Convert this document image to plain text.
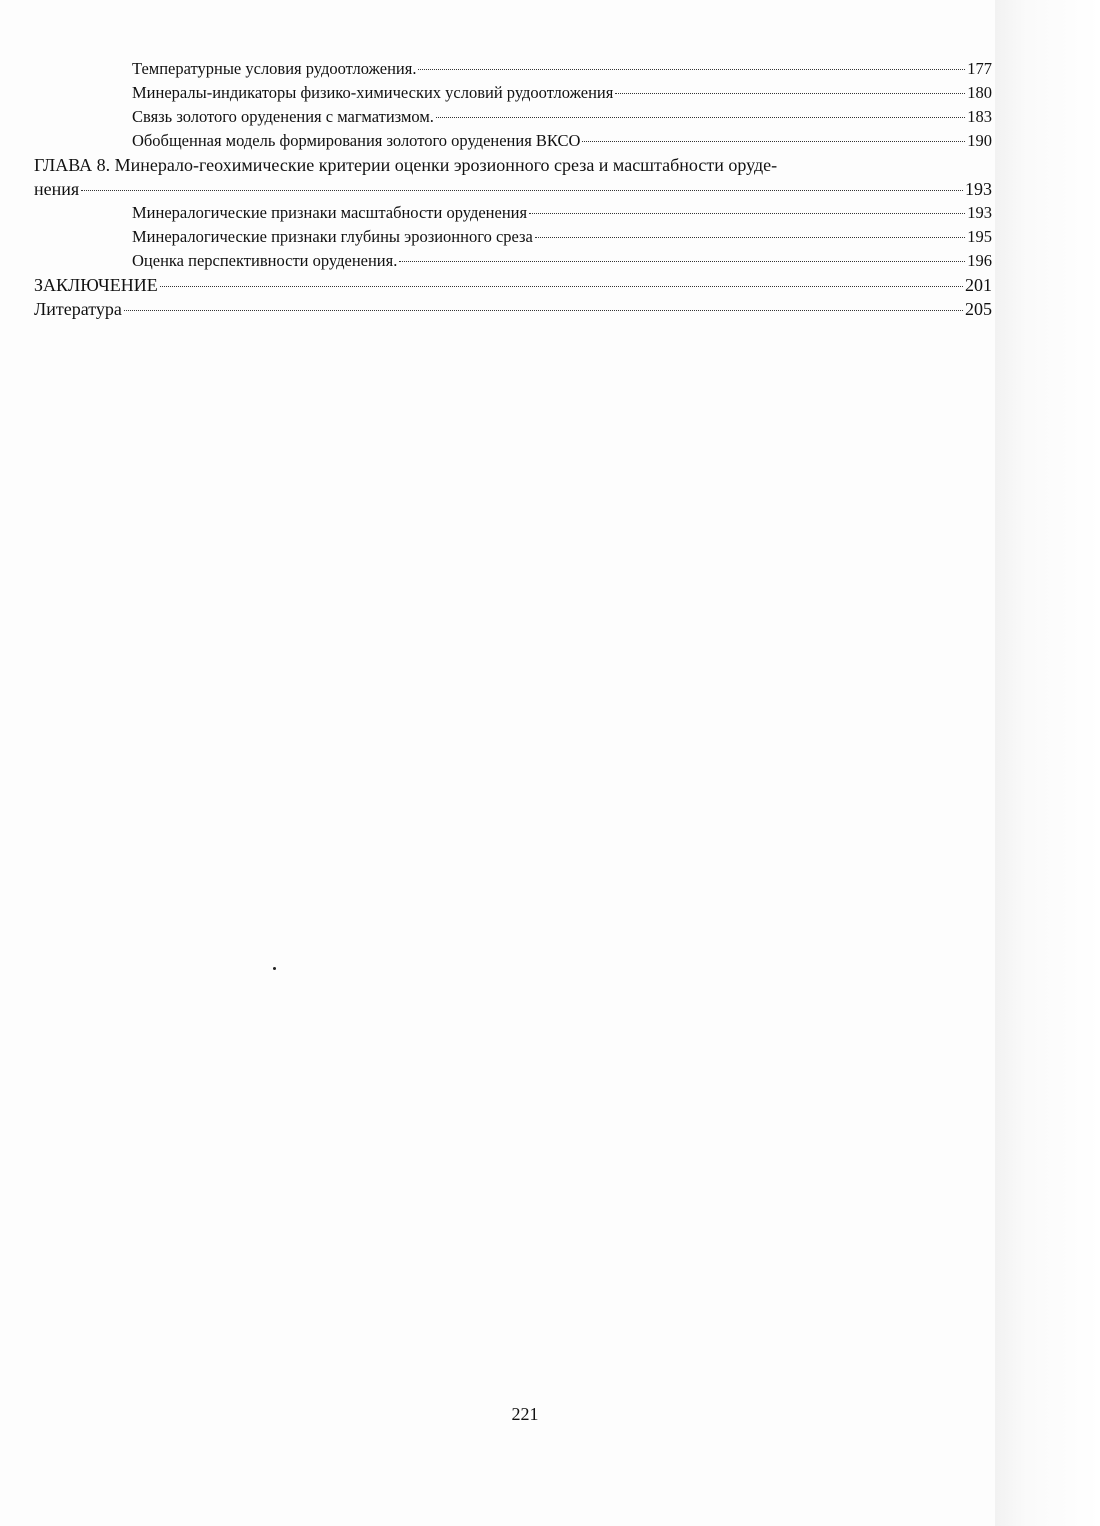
Температурные условия рудоотложения.	177
Минералы-индикаторы физико-химических условий рудоотложения	180
Связь золотого оруденения с магматизмом.	183
Обобщенная модель формирования золотого оруденения ВКСО	190
ГЛАВА 8. Минерало-геохимические критерии оценки эрозионного среза и масштабности оруде-
нения	193
Минералогические признаки масштабности оруденения	193
Минералогические признаки глубины эрозионного среза	195
Оценка перспективности оруденения.	196
ЗАКЛЮЧЕНИЕ	201
Литература	205
221
